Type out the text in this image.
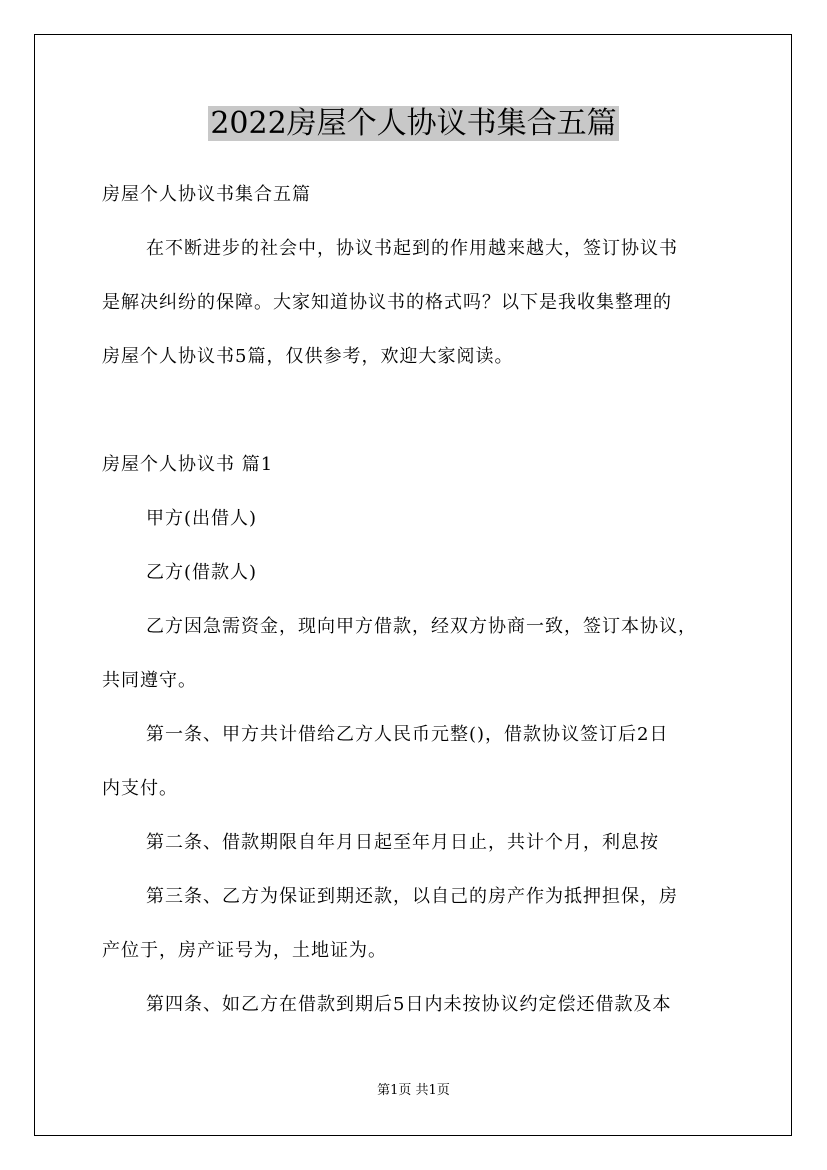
2022房屋个人协议书集合五篇
房屋个人协议书集合五篇
在不断进步的社会中，协议书起到的作用越来越大，签订协议书
是解决纠纷的保障。大家知道协议书的格式吗？以下是我收集整理的
房屋个人协议书5篇，仅供参考，欢迎大家阅读。
房屋个人协议书 篇1
甲方(出借人)
乙方(借款人)
乙方因急需资金，现向甲方借款，经双方协商一致，签订本协议，
共同遵守。
第一条、甲方共计借给乙方人民币元整()，借款协议签订后2日
内支付。
第二条、借款期限自年月日起至年月日止，共计个月，利息按
第三条、乙方为保证到期还款，以自己的房产作为抵押担保，房
产位于，房产证号为，土地证为。
第四条、如乙方在借款到期后5日内未按协议约定偿还借款及本
第1页 共1页
